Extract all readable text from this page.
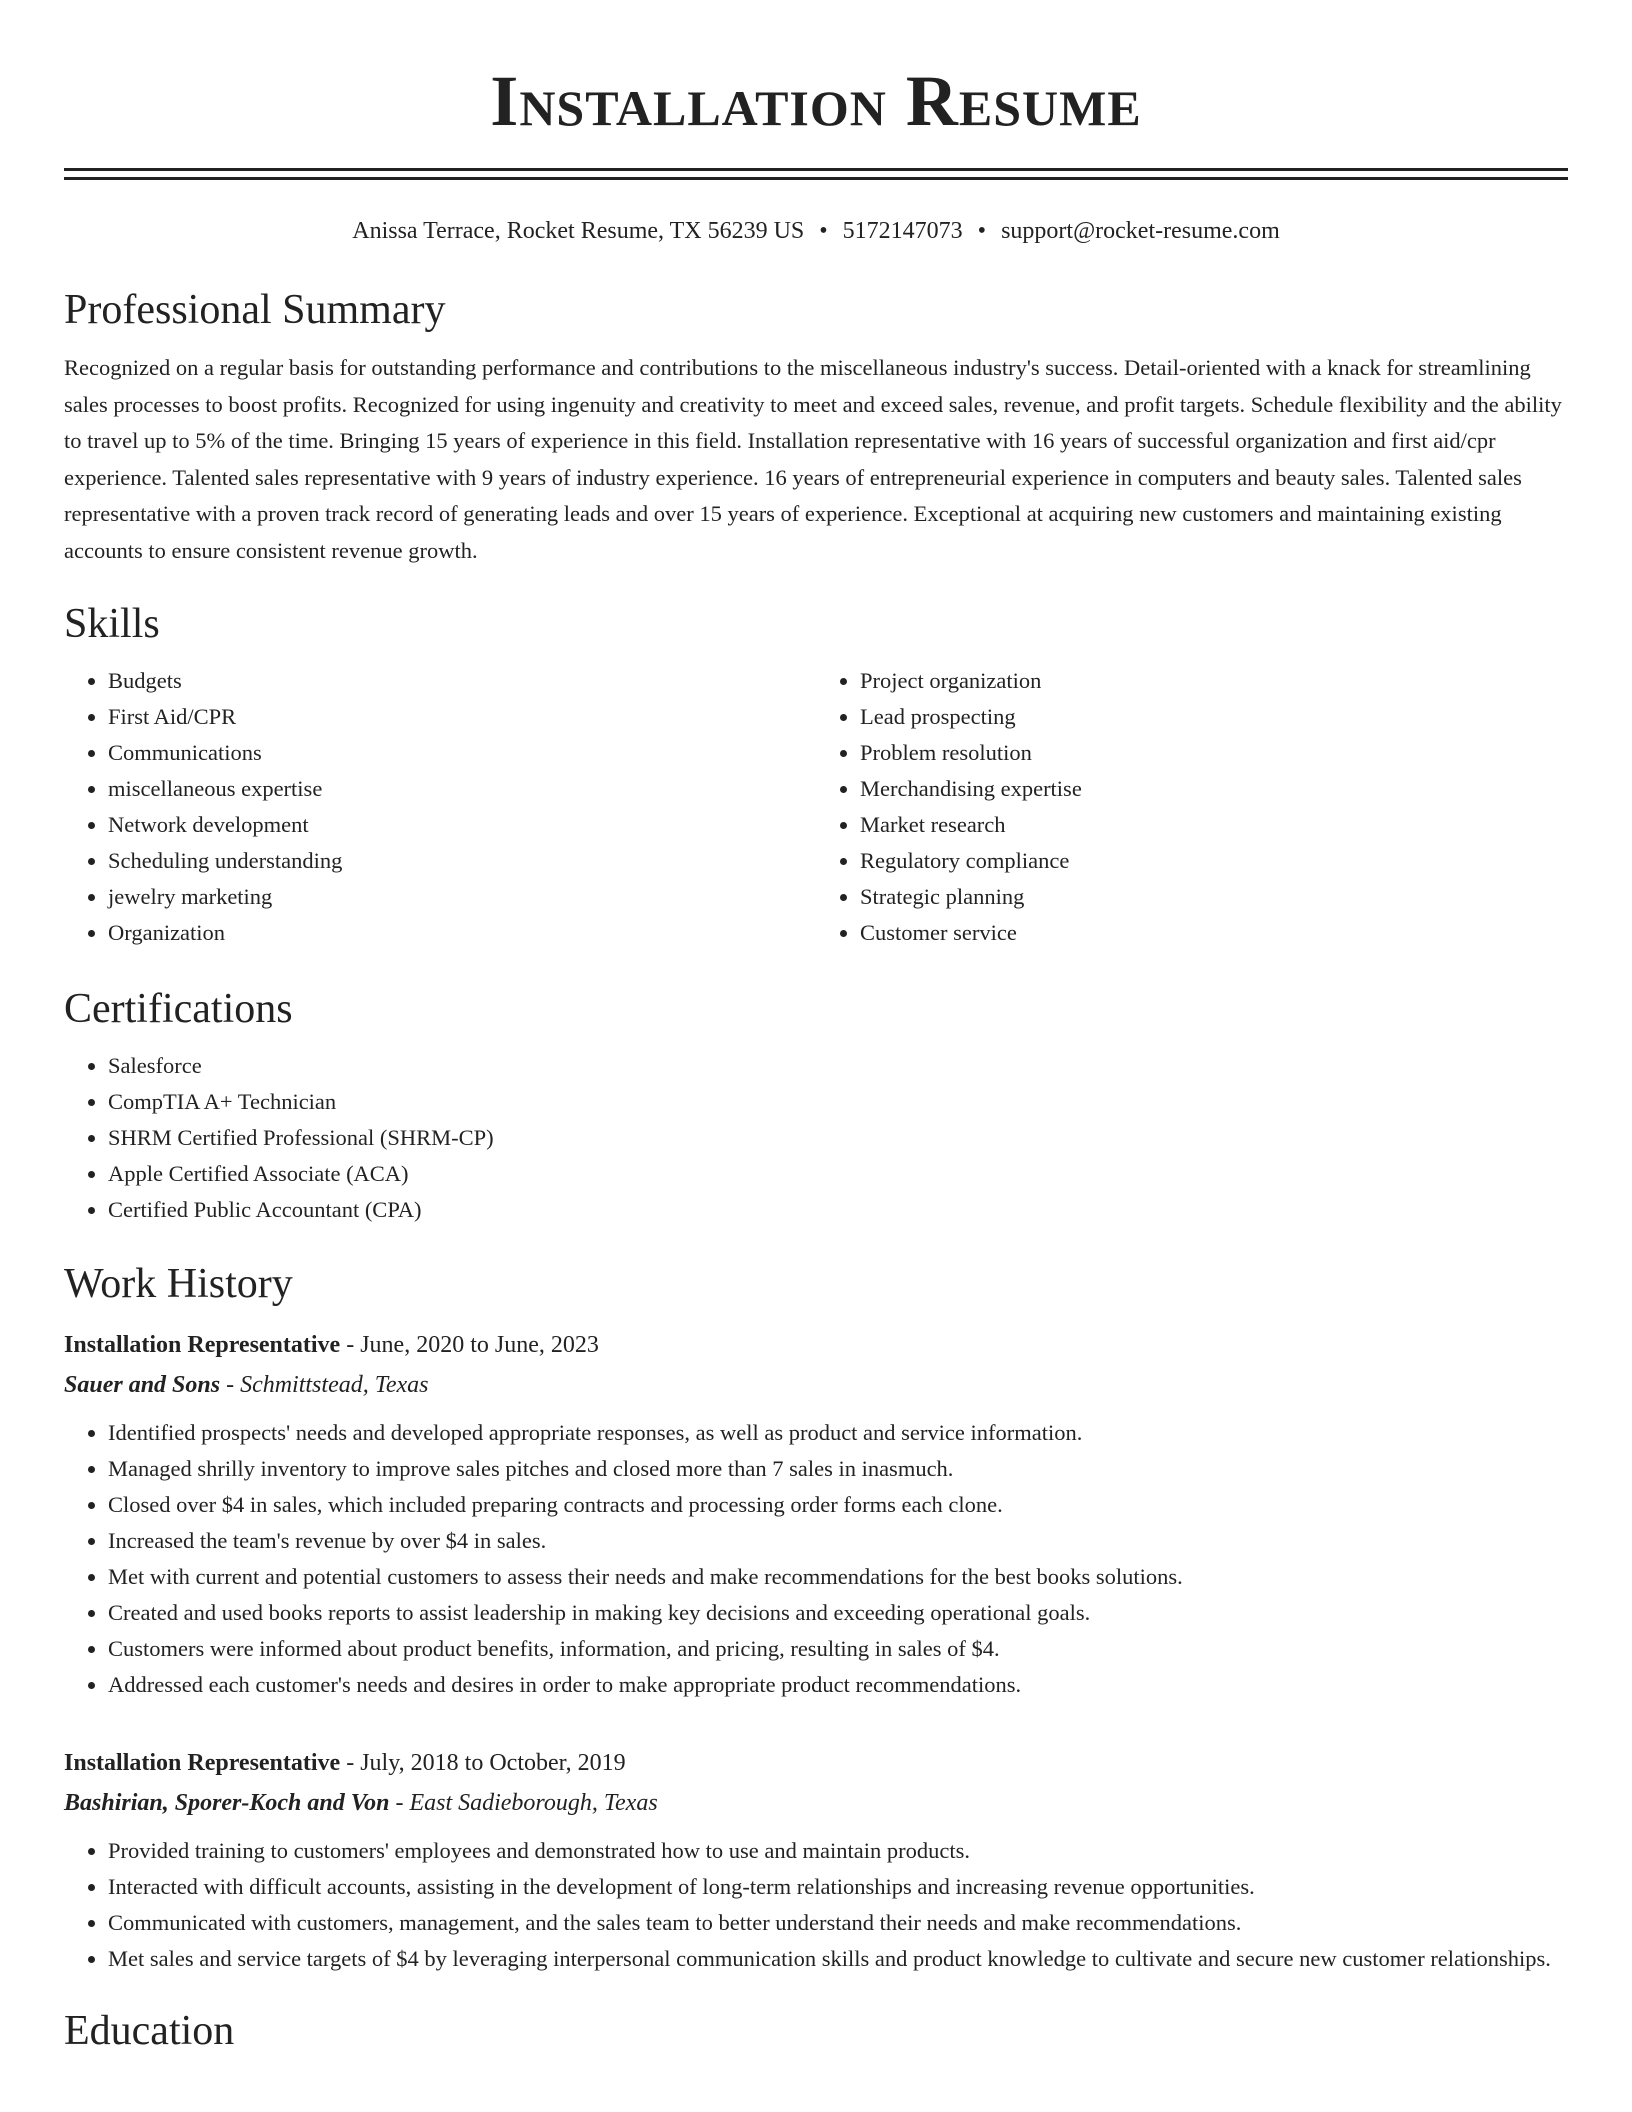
Installation Resume
Anissa Terrace, Rocket Resume, TX 56239 US • 5172147073 • support@rocket-resume.com
Professional Summary
Recognized on a regular basis for outstanding performance and contributions to the miscellaneous industry's success. Detail-oriented with a knack for streamlining sales processes to boost profits. Recognized for using ingenuity and creativity to meet and exceed sales, revenue, and profit targets. Schedule flexibility and the ability to travel up to 5% of the time. Bringing 15 years of experience in this field. Installation representative with 16 years of successful organization and first aid/cpr experience. Talented sales representative with 9 years of industry experience. 16 years of entrepreneurial experience in computers and beauty sales. Talented sales representative with a proven track record of generating leads and over 15 years of experience. Exceptional at acquiring new customers and maintaining existing accounts to ensure consistent revenue growth.
Skills
• Budgets
• First Aid/CPR
• Communications
• miscellaneous expertise
• Network development
• Scheduling understanding
• jewelry marketing
• Organization
• Project organization
• Lead prospecting
• Problem resolution
• Merchandising expertise
• Market research
• Regulatory compliance
• Strategic planning
• Customer service
Certifications
• Salesforce
• CompTIA A+ Technician
• SHRM Certified Professional (SHRM-CP)
• Apple Certified Associate (ACA)
• Certified Public Accountant (CPA)
Work History
Installation Representative - June, 2020 to June, 2023
Sauer and Sons - Schmittstead, Texas
• Identified prospects' needs and developed appropriate responses, as well as product and service information.
• Managed shrilly inventory to improve sales pitches and closed more than 7 sales in inasmuch.
• Closed over $4 in sales, which included preparing contracts and processing order forms each clone.
• Increased the team's revenue by over $4 in sales.
• Met with current and potential customers to assess their needs and make recommendations for the best books solutions.
• Created and used books reports to assist leadership in making key decisions and exceeding operational goals.
• Customers were informed about product benefits, information, and pricing, resulting in sales of $4.
• Addressed each customer's needs and desires in order to make appropriate product recommendations.
Installation Representative - July, 2018 to October, 2019
Bashirian, Sporer-Koch and Von - East Sadieborough, Texas
• Provided training to customers' employees and demonstrated how to use and maintain products.
• Interacted with difficult accounts, assisting in the development of long-term relationships and increasing revenue opportunities.
• Communicated with customers, management, and the sales team to better understand their needs and make recommendations.
• Met sales and service targets of $4 by leveraging interpersonal communication skills and product knowledge to cultivate and secure new customer relationships.
Education
